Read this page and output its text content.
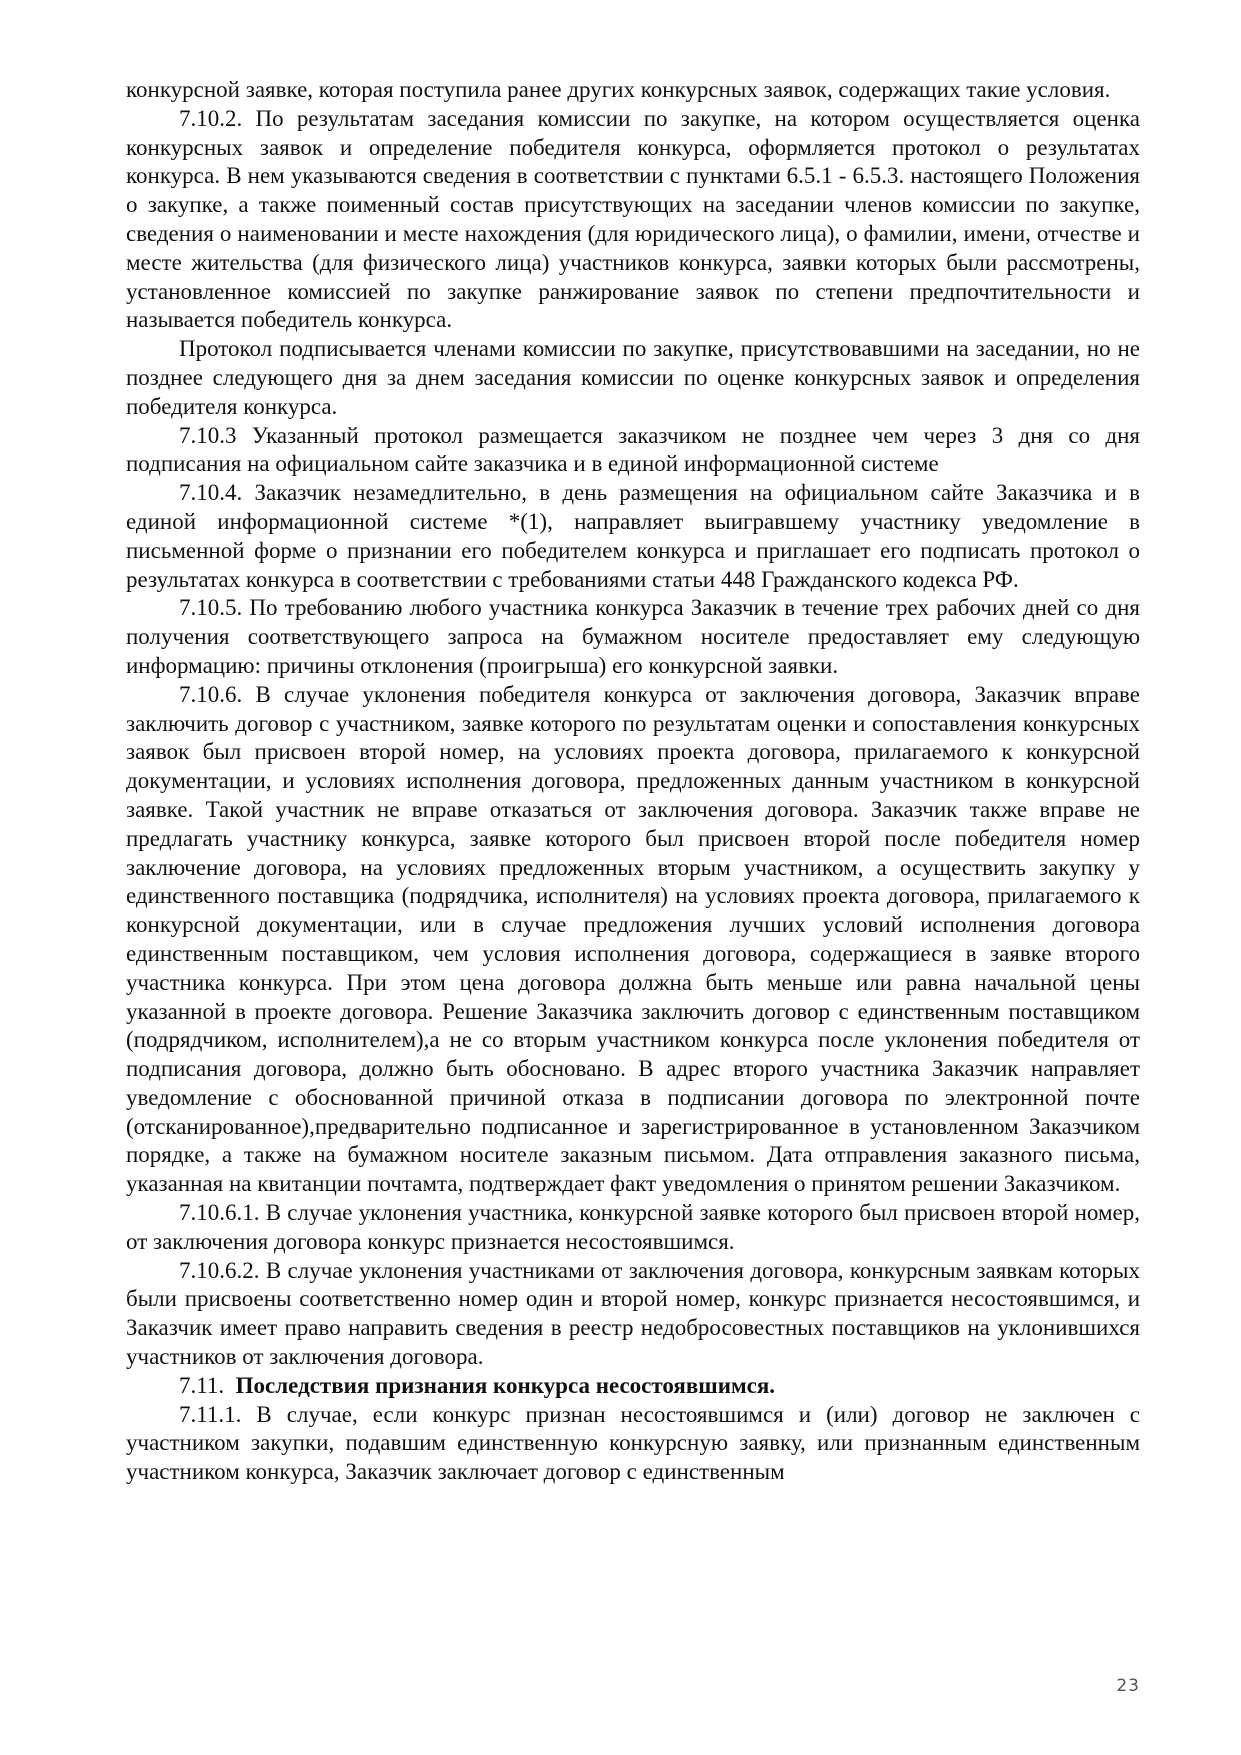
конкурсной заявке, которая поступила ранее других конкурсных заявок, содержащих такие условия.

7.10.2. По результатам заседания комиссии по закупке, на котором осуществляется оценка конкурсных заявок и определение победителя конкурса, оформляется протокол о результатах конкурса. В нем указываются сведения в соответствии с пунктами 6.5.1 - 6.5.3. настоящего Положения о закупке, а также поименный состав присутствующих на заседании членов комиссии по закупке, сведения о наименовании и месте нахождения (для юридического лица), о фамилии, имени, отчестве и месте жительства (для физического лица) участников конкурса, заявки которых были рассмотрены, установленное комиссией по закупке ранжирование заявок по степени предпочтительности и называется победитель конкурса.

Протокол подписывается членами комиссии по закупке, присутствовавшими на заседании, но не позднее следующего дня за днем заседания комиссии по оценке конкурсных заявок и определения победителя конкурса.

7.10.3 Указанный протокол размещается заказчиком не позднее чем через 3 дня со дня подписания на официальном сайте заказчика и в единой информационной системе

7.10.4. Заказчик незамедлительно, в день размещения на официальном сайте Заказчика и в единой информационной системе *(1), направляет выигравшему участнику уведомление в письменной форме о признании его победителем конкурса и приглашает его подписать протокол о результатах конкурса в соответствии с требованиями статьи 448 Гражданского кодекса РФ.

7.10.5. По требованию любого участника конкурса Заказчик в течение трех рабочих дней со дня получения соответствующего запроса на бумажном носителе предоставляет ему следующую информацию: причины отклонения (проигрыша) его конкурсной заявки.

7.10.6. В случае уклонения победителя конкурса от заключения договора, Заказчик вправе заключить договор с участником, заявке которого по результатам оценки и сопоставления конкурсных заявок был присвоен второй номер, на условиях проекта договора, прилагаемого к конкурсной документации, и условиях исполнения договора, предложенных данным участником в конкурсной заявке. Такой участник не вправе отказаться от заключения договора. Заказчик также вправе не предлагать участнику конкурса, заявке которого был присвоен второй после победителя номер заключение договора, на условиях предложенных вторым участником, а осуществить закупку у единственного поставщика (подрядчика, исполнителя) на условиях проекта договора, прилагаемого к конкурсной документации, или в случае предложения лучших условий исполнения договора единственным поставщиком, чем условия исполнения договора, содержащиеся в заявке второго участника конкурса. При этом цена договора должна быть меньше или равна начальной цены указанной в проекте договора. Решение Заказчика заключить договор с единственным поставщиком (подрядчиком, исполнителем),а не со вторым участником конкурса после уклонения победителя от подписания договора, должно быть обосновано. В адрес второго участника Заказчик направляет уведомление с обоснованной причиной отказа в подписании договора по электронной почте (отсканированное),предварительно подписанное и зарегистрированное в установленном Заказчиком порядке, а также на бумажном носителе заказным письмом. Дата отправления заказного письма, указанная на квитанции почтамта, подтверждает факт уведомления о принятом решении Заказчиком.

7.10.6.1. В случае уклонения участника, конкурсной заявке которого был присвоен второй номер, от заключения договора конкурс признается несостоявшимся.

7.10.6.2. В случае уклонения участниками от заключения договора, конкурсным заявкам которых были присвоены соответственно номер один и второй номер, конкурс признается несостоявшимся, и Заказчик имеет право направить сведения в реестр недобросовестных поставщиков на уклонившихся участников от заключения договора.

7.11. Последствия признания конкурса несостоявшимся.

7.11.1. В случае, если конкурс признан несостоявшимся и (или) договор не заключен с участником закупки, подавшим единственную конкурсную заявку, или признанным единственным участником конкурса, Заказчик заключает договор с единственным

23
